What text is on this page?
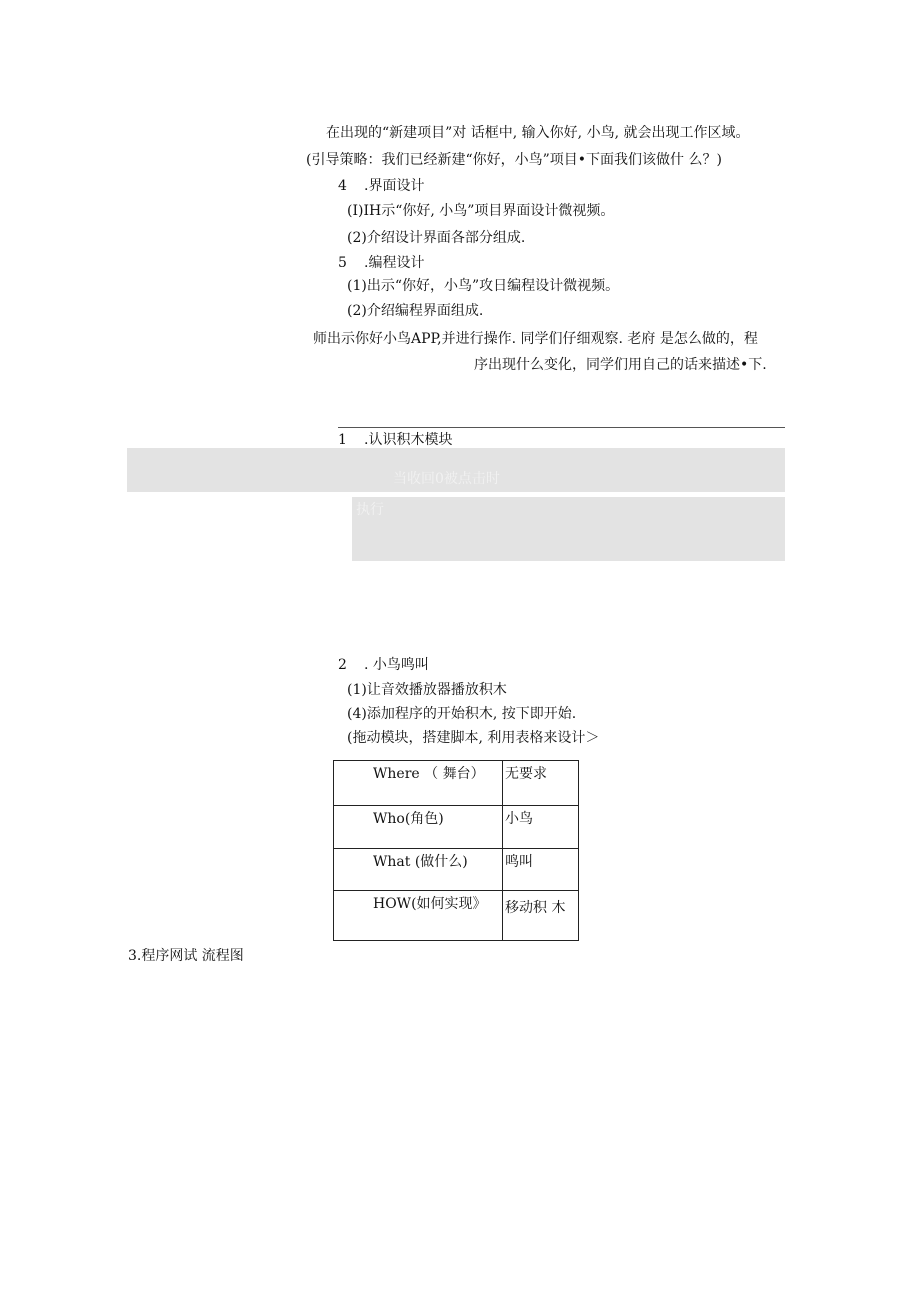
在出现的“新建项目”对 话框中, 输入你好, 小鸟, 就会出现工作区域。
(引导策略：我们已经新建“你好，小鸟”项目•下面我们该做什 么？)
4 .界面设计
(I)IH示“你好, 小鸟”项目界面设计微视频。
(2)介绍设计界面各部分组成.
5 .编程设计
(1)出示“你好，小鸟”攻日编程设计微视频。
(2)介绍编程界面组成.
师出示你好小鸟APP,并进行操作. 同学们仔细观察. 老府 是怎么做的，程
序出现什么变化，同学们用自己的话来描述•下.
1 .认识积木模块
当收回0被点击时
执行
2 . 小鸟鸣叫
(1)让音效播放器播放积木
(4)添加程序的开始积木, 按下即开始.
(拖动模块，搭建脚本, 利用表格来设计＞
Where （ 舞台）	无要求

Who(角色)	小鸟

What (做什么)	鸣叫

HOW(如何实现》	移动积 木
3.程序网试 流程图
